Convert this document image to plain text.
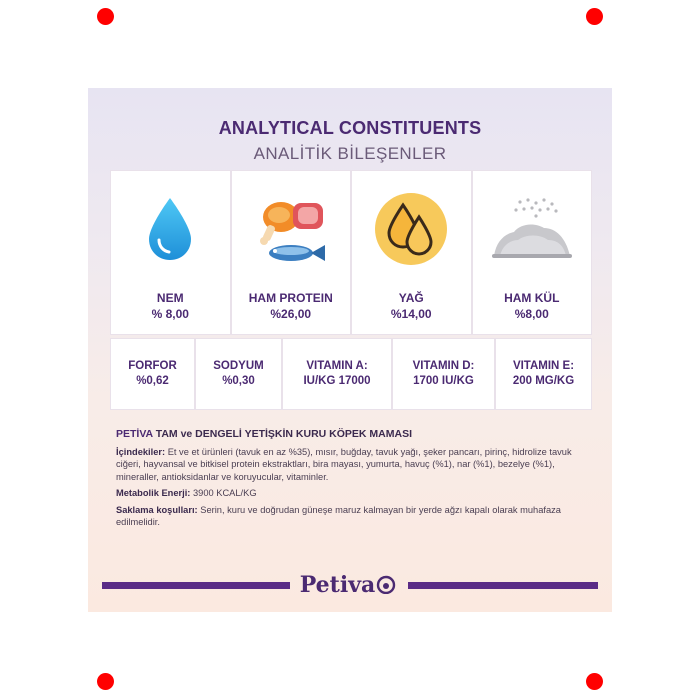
ANALYTICAL CONSTITUENTS
ANALİTİK BİLEŞENLER
NEM
% 8,00
HAM PROTEIN
%26,00
YAĞ
%14,00
HAM KÜL
%8,00
FORFOR
%0,62
SODYUM
%0,30
VITAMIN A:
IU/KG 17000
VITAMIN D:
1700 IU/KG
VITAMIN E:
200 MG/KG
PETİVA TAM ve DENGELİ YETİŞKİN KURU KÖPEK MAMASI

İçindekiler: Et ve et ürünleri (tavuk en az %35), mısır, buğday, tavuk yağı, şeker pancarı, pirinç, hidrolize tavuk ciğeri, hayvansal ve bitkisel protein ekstraktları, bira mayası, yumurta, havuç (%1), nar (%1), bezelye (%1), mineraller, antioksidanlar ve koruyucular, vitaminler.

Metabolik Enerji: 3900 KCAL/KG

Saklama koşulları: Serin, kuru ve doğrudan güneşe maruz kalmayan bir yerde ağzı kapalı olarak muhafaza edilmelidir.

Petiva
